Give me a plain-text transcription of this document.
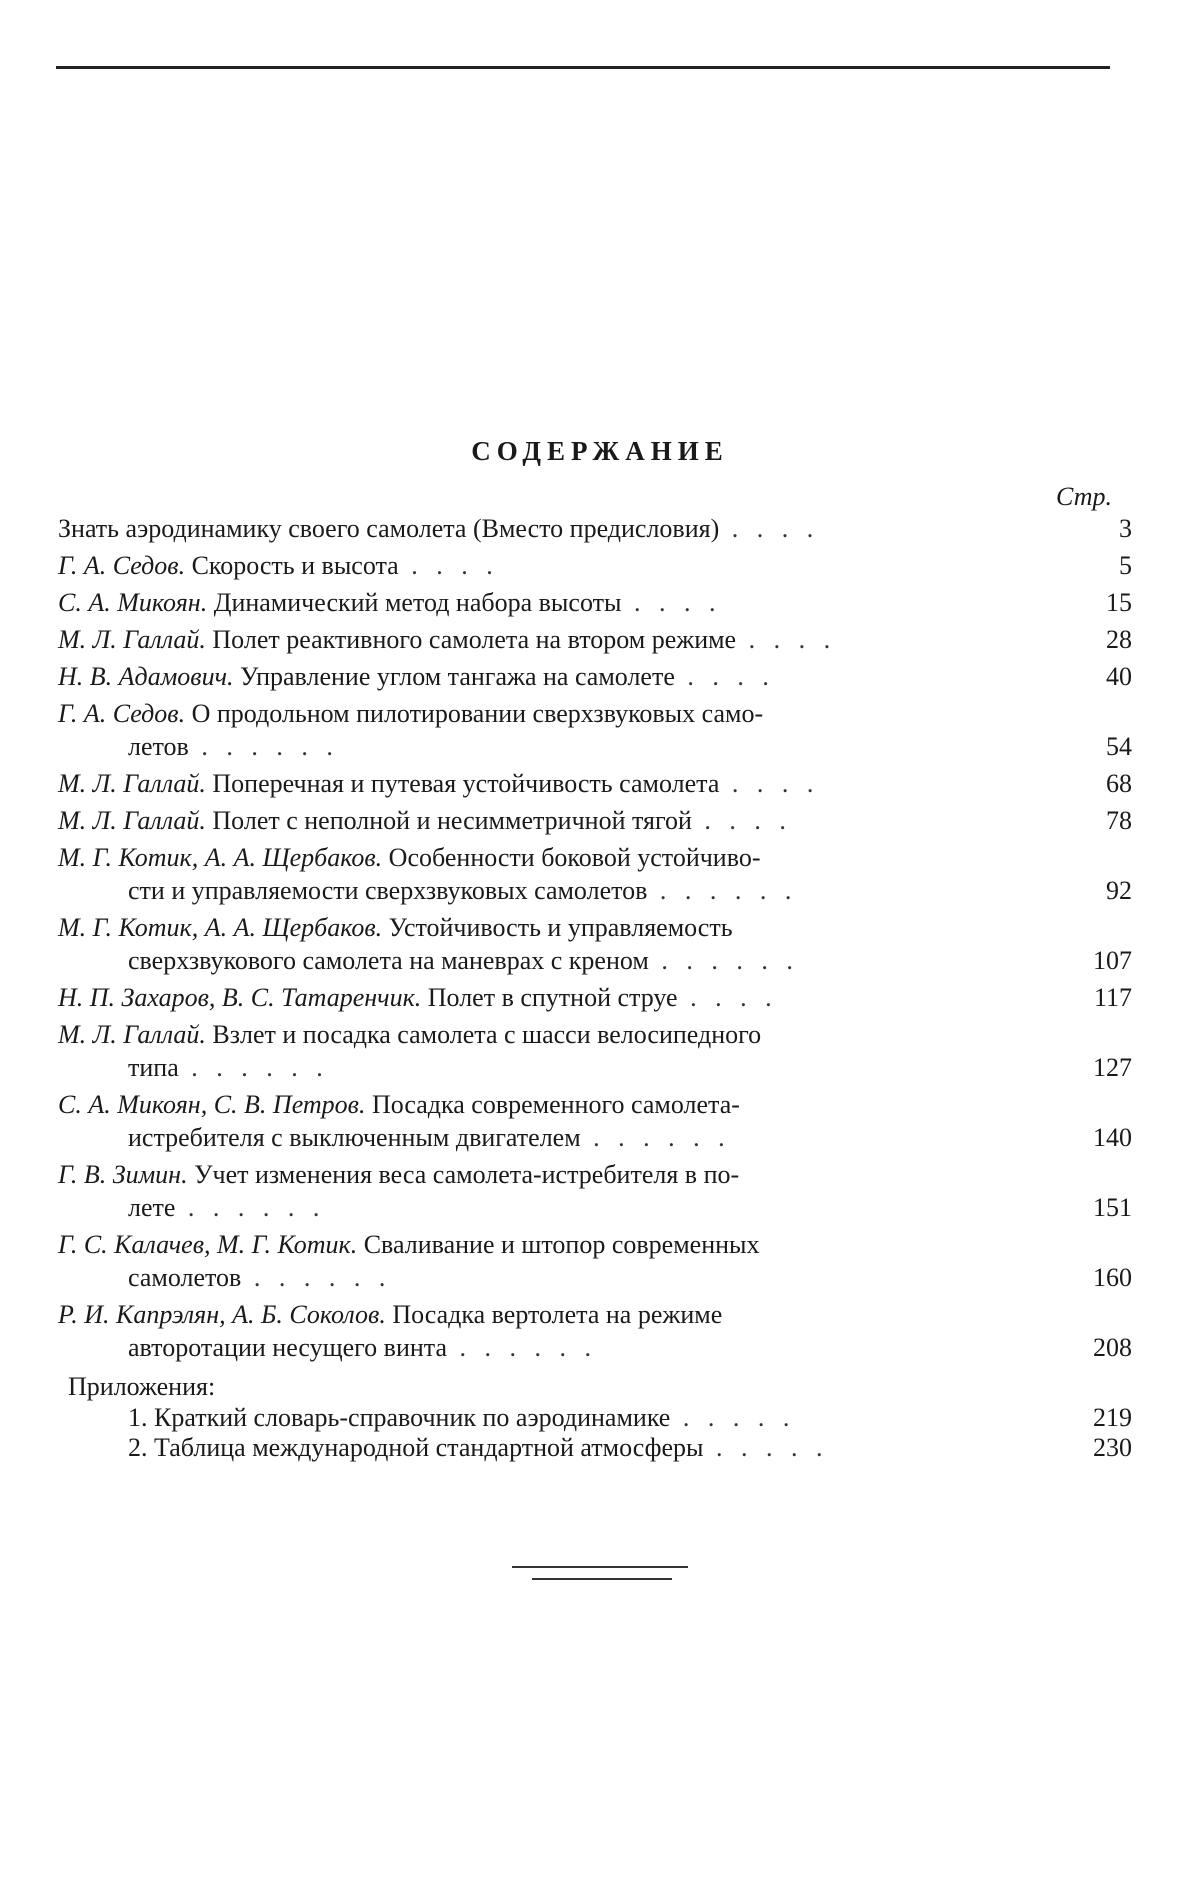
СОДЕРЖАНИЕ
Стр.
Знать аэродинамику своего самолета (Вместо предисловия) . . . .	3
Г. А. Седов. Скорость и высота . . . .	5
С. А. Микоян. Динамический метод набора высоты . . . .	15
М. Л. Галлай. Полет реактивного самолета на втором режиме . . . .	28
Н. В. Адамович. Управление углом тангажа на самолете . . . .	40
Г. А. Седов. О продольном пилотировании сверхзвуковых само-
летов . . . . . .	54
М. Л. Галлай. Поперечная и путевая устойчивость самолета . . . .	68
М. Л. Галлай. Полет с неполной и несимметричной тягой . . . .	78
М. Г. Котик, А. А. Щербаков. Особенности боковой устойчиво-
сти и управляемости сверхзвуковых самолетов . . . . . .	92
М. Г. Котик, А. А. Щербаков. Устойчивость и управляемость
сверхзвукового самолета на маневрах с креном . . . . . .	107
Н. П. Захаров, В. С. Татаренчик. Полет в спутной струе . . . .	117
М. Л. Галлай. Взлет и посадка самолета с шасси велосипедного
типа . . . . . .	127
С. А. Микоян, С. В. Петров. Посадка современного самолета-
истребителя с выключенным двигателем . . . . . .	140
Г. В. Зимин. Учет изменения веса самолета-истребителя в по-
лете . . . . . .	151
Г. С. Калачев, М. Г. Котик. Сваливание и штопор современных
самолетов . . . . . .	160
Р. И. Капрэлян, А. Б. Соколов. Посадка вертолета на режиме
авторотации несущего винта . . . . . .	208
Приложения:
1. Краткий словарь-справочник по аэродинамике . . . . .	219
2. Таблица международной стандартной атмосферы . . . . .	230
